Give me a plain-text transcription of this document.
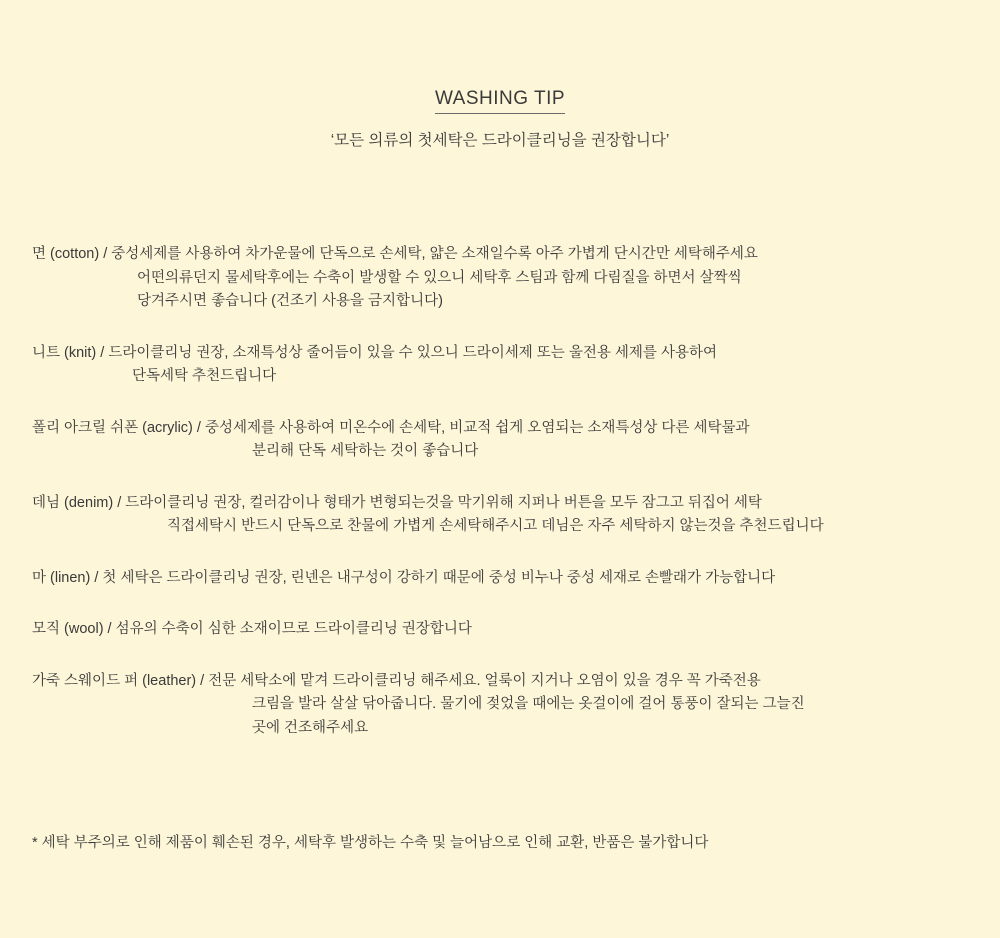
WASHING TIP
‘모든 의류의 첫세탁은 드라이클리닝을 권장합니다’
면 (cotton) / 중성세제를 사용하여 차가운물에 단독으로 손세탁, 얇은 소재일수록 아주 가볍게 단시간만 세탁해주세요
어떤의류던지 물세탁후에는 수축이 발생할 수 있으니 세탁후 스팀과 함께 다림질을 하면서 살짝씩
당겨주시면 좋습니다 (건조기 사용을 금지합니다)
니트 (knit) / 드라이클리닝 권장, 소재특성상 줄어듬이 있을 수 있으니 드라이세제 또는 울전용 세제를 사용하여
단독세탁 추천드립니다
폴리 아크릴 쉬폰 (acrylic) / 중성세제를 사용하여 미온수에 손세탁, 비교적 쉽게 오염되는 소재특성상 다른 세탁물과
분리해 단독 세탁하는 것이 좋습니다
데님 (denim) / 드라이클리닝 권장, 컬러감이나 형태가 변형되는것을 막기위해 지퍼나 버튼을 모두 잠그고 뒤집어 세탁
직접세탁시 반드시 단독으로 찬물에 가볍게 손세탁해주시고 데님은 자주 세탁하지 않는것을 추천드립니다
마 (linen) / 첫 세탁은 드라이클리닝 권장, 린넨은 내구성이 강하기 때문에 중성 비누나 중성 세재로 손빨래가 가능합니다
모직 (wool) / 섬유의 수축이 심한 소재이므로 드라이클리닝 권장합니다
가죽 스웨이드 퍼 (leather) / 전문 세탁소에 맡겨 드라이클리닝 해주세요. 얼룩이 지거나 오염이 있을 경우 꼭 가죽전용
크림을 발라 살살 닦아줍니다. 물기에 젖었을 때에는 옷걸이에 걸어 통풍이 잘되는 그늘진
곳에 건조해주세요
* 세탁 부주의로 인해 제품이 훼손된 경우, 세탁후 발생하는 수축 및 늘어남으로 인해 교환, 반품은 불가합니다
